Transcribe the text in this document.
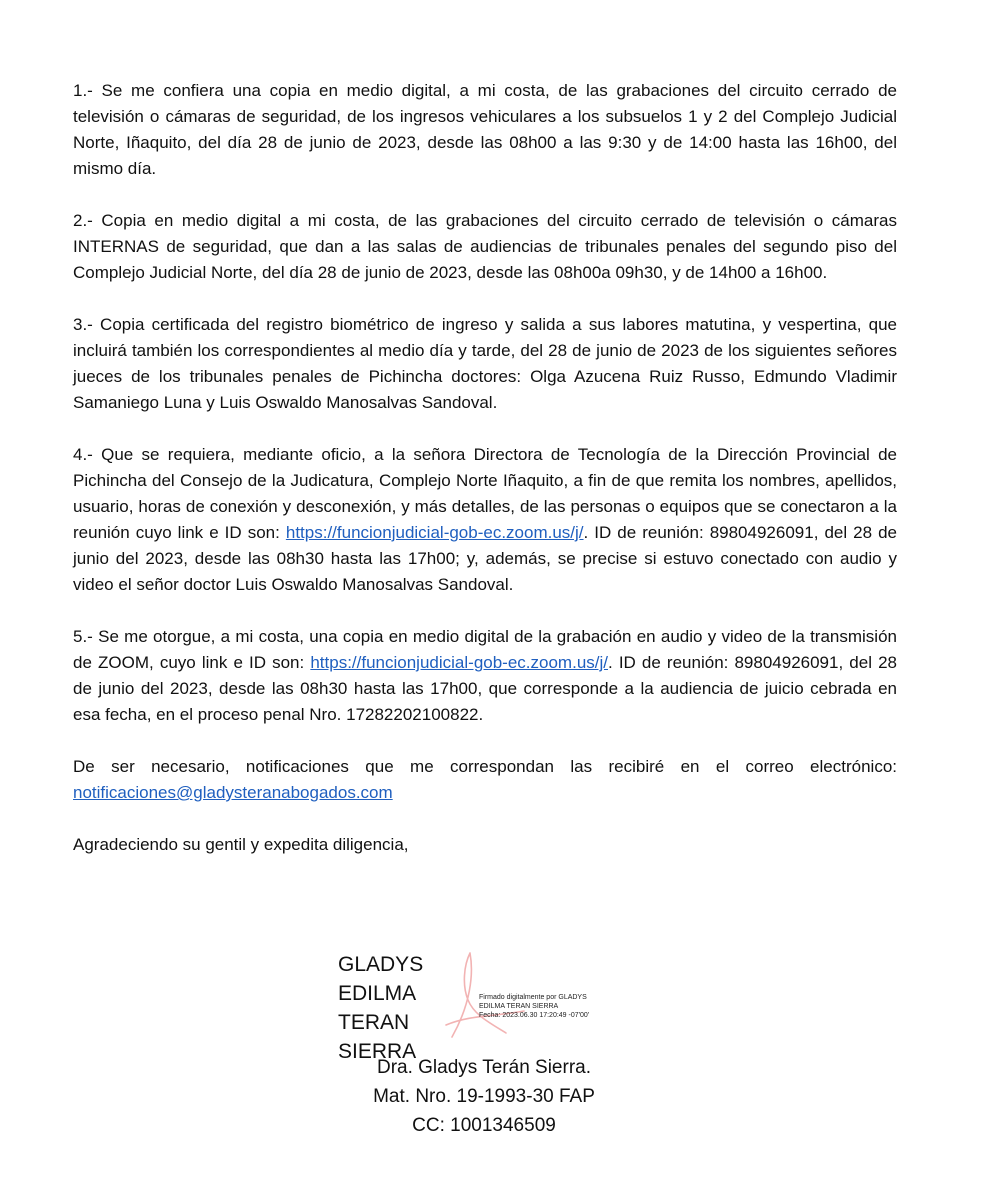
1.- Se me confiera una copia en medio digital, a mi costa, de las grabaciones del circuito cerrado de televisión o cámaras de seguridad, de los ingresos vehiculares a los subsuelos 1 y 2 del Complejo Judicial Norte, Iñaquito, del día 28 de junio de 2023, desde las 08h00 a las 9:30 y de 14:00 hasta las 16h00, del mismo día.

2.- Copia en medio digital a mi costa, de las grabaciones del circuito cerrado de televisión o cámaras INTERNAS de seguridad, que dan a las salas de audiencias de tribunales penales del segundo piso del Complejo Judicial Norte, del día 28 de junio de 2023, desde las 08h00a 09h30, y de 14h00 a 16h00.

3.- Copia certificada del registro biométrico de ingreso y salida a sus labores matutina, y vespertina, que incluirá también los correspondientes al medio día y tarde, del 28 de junio de 2023 de los siguientes señores jueces de los tribunales penales de Pichincha doctores: Olga Azucena Ruiz Russo, Edmundo Vladimir Samaniego Luna y Luis Oswaldo Manosalvas Sandoval.

4.- Que se requiera, mediante oficio, a la señora Directora de Tecnología de la Dirección Provincial de Pichincha del Consejo de la Judicatura, Complejo Norte Iñaquito, a fin de que remita los nombres, apellidos, usuario, horas de conexión y desconexión, y más detalles, de las personas o equipos que se conectaron a la reunión cuyo link e ID son: https://funcionjudicial-gob-ec.zoom.us/j/. ID de reunión: 89804926091, del 28 de junio del 2023, desde las 08h30 hasta las 17h00; y, además, se precise si estuvo conectado con audio y video el señor doctor Luis Oswaldo Manosalvas Sandoval.

5.- Se me otorgue, a mi costa, una copia en medio digital de la grabación en audio y video de la transmisión de ZOOM, cuyo link e ID son: https://funcionjudicial-gob-ec.zoom.us/j/. ID de reunión: 89804926091, del 28 de junio del 2023, desde las 08h30 hasta las 17h00, que corresponde a la audiencia de juicio cebrada en esa fecha, en el proceso penal Nro. 17282202100822.

De ser necesario, notificaciones que me correspondan las recibiré en el correo electrónico: notificaciones@gladysteranabogados.com

Agradeciendo su gentil y expedita diligencia,

GLADYS
EDILMA
TERAN
SIERRA
Firmado digitalmente por GLADYS
EDILMA TERAN SIERRA
Fecha: 2023.06.30 17:20:49 -07'00'
Dra. Gladys Terán Sierra.
Mat. Nro. 19-1993-30 FAP
CC: 1001346509
